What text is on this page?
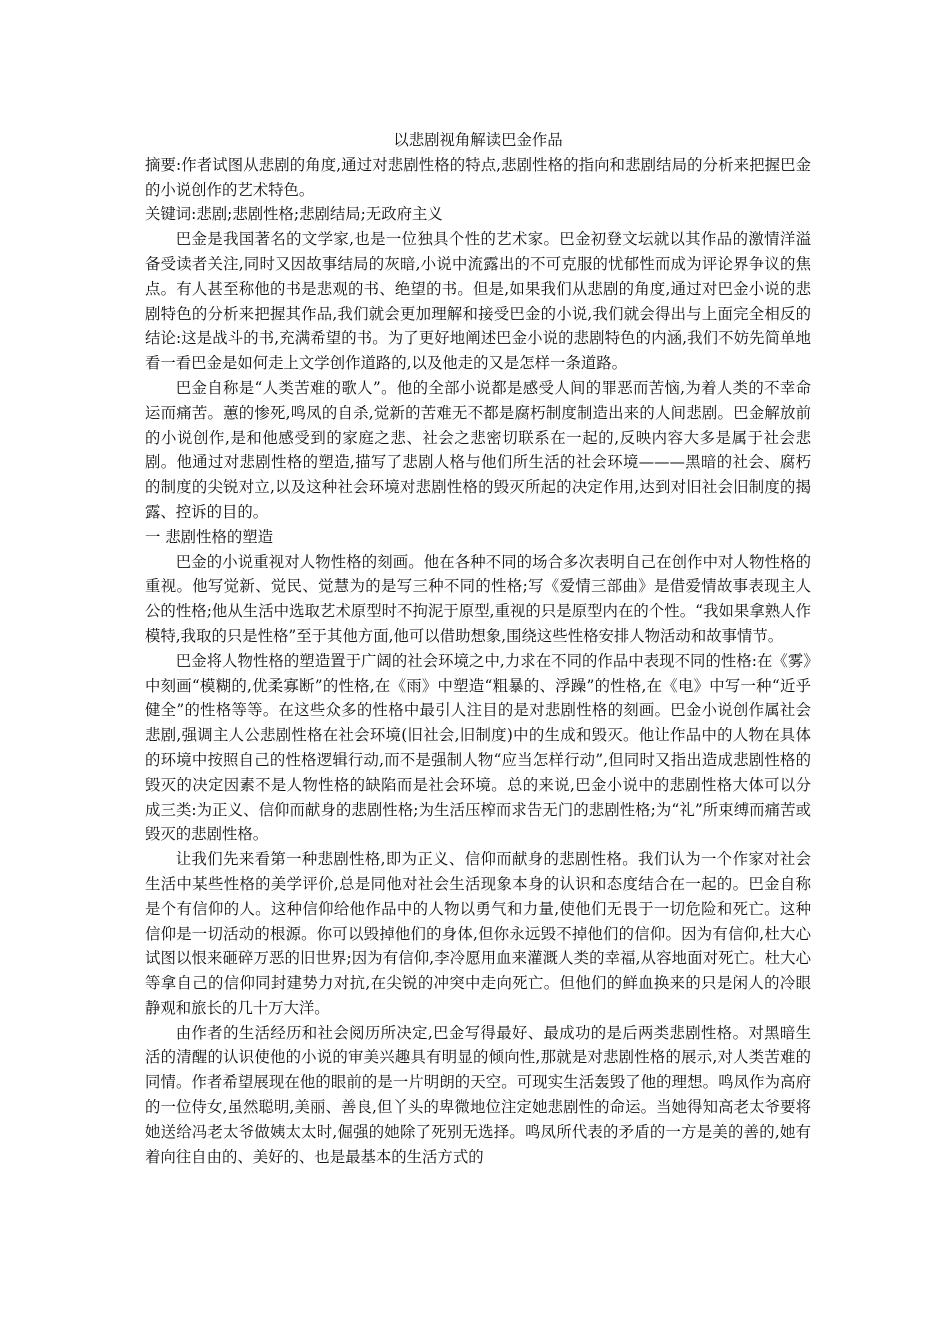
以悲剧视角解读巴金作品

摘要:作者试图从悲剧的角度,通过对悲剧性格的特点,悲剧性格的指向和悲剧结局的分析来把握巴金的小说创作的艺术特色。

关键词:悲剧;悲剧性格;悲剧结局;无政府主义

巴金是我国著名的文学家,也是一位独具个性的艺术家。巴金初登文坛就以其作品的激情洋溢备受读者关注,同时又因故事结局的灰暗,小说中流露出的不可克服的忧郁性而成为评论界争议的焦点。有人甚至称他的书是悲观的书、绝望的书。但是,如果我们从悲剧的角度,通过对巴金小说的悲剧特色的分析来把握其作品,我们就会更加理解和接受巴金的小说,我们就会得出与上面完全相反的结论:这是战斗的书,充满希望的书。为了更好地阐述巴金小说的悲剧特色的内涵,我们不妨先简单地看一看巴金是如何走上文学创作道路的,以及他走的又是怎样一条道路。

巴金自称是“人类苦难的歌人”。他的全部小说都是感受人间的罪恶而苦恼,为着人类的不幸命运而痛苦。蕙的惨死,鸣凤的自杀,觉新的苦难无不都是腐朽制度制造出来的人间悲剧。巴金解放前的小说创作,是和他感受到的家庭之悲、社会之悲密切联系在一起的,反映内容大多是属于社会悲剧。他通过对悲剧性格的塑造,描写了悲剧人格与他们所生活的社会环境———黑暗的社会、腐朽的制度的尖锐对立,以及这种社会环境对悲剧性格的毁灭所起的决定作用,达到对旧社会旧制度的揭露、控诉的目的。

一 悲剧性格的塑造

巴金的小说重视对人物性格的刻画。他在各种不同的场合多次表明自己在创作中对人物性格的重视。他写觉新、觉民、觉慧为的是写三种不同的性格;写《爱情三部曲》是借爱情故事表现主人公的性格;他从生活中选取艺术原型时不拘泥于原型,重视的只是原型内在的个性。“我如果拿熟人作模特,我取的只是性格”至于其他方面,他可以借助想象,围绕这些性格安排人物活动和故事情节。

巴金将人物性格的塑造置于广阔的社会环境之中,力求在不同的作品中表现不同的性格:在《雾》中刻画“模糊的,优柔寡断”的性格,在《雨》中塑造“粗暴的、浮躁”的性格,在《电》中写一种“近乎健全”的性格等等。在这些众多的性格中最引人注目的是对悲剧性格的刻画。巴金小说创作属社会悲剧,强调主人公悲剧性格在社会环境(旧社会,旧制度)中的生成和毁灭。他让作品中的人物在具体的环境中按照自己的性格逻辑行动,而不是强制人物“应当怎样行动”,但同时又指出造成悲剧性格的毁灭的决定因素不是人物性格的缺陷而是社会环境。总的来说,巴金小说中的悲剧性格大体可以分成三类:为正义、信仰而献身的悲剧性格;为生活压榨而求告无门的悲剧性格;为“礼”所束缚而痛苦或毁灭的悲剧性格。

让我们先来看第一种悲剧性格,即为正义、信仰而献身的悲剧性格。我们认为一个作家对社会生活中某些性格的美学评价,总是同他对社会生活现象本身的认识和态度结合在一起的。巴金自称是个有信仰的人。这种信仰给他作品中的人物以勇气和力量,使他们无畏于一切危险和死亡。这种信仰是一切活动的根源。你可以毁掉他们的身体,但你永远毁不掉他们的信仰。因为有信仰,杜大心试图以恨来砸碎万恶的旧世界;因为有信仰,李冷愿用血来灌溉人类的幸福,从容地面对死亡。杜大心等拿自己的信仰同封建势力对抗,在尖锐的冲突中走向死亡。但他们的鲜血换来的只是闲人的冷眼静观和旅长的几十万大洋。

由作者的生活经历和社会阅历所决定,巴金写得最好、最成功的是后两类悲剧性格。对黑暗生活的清醒的认识使他的小说的审美兴趣具有明显的倾向性,那就是对悲剧性格的展示,对人类苦难的同情。作者希望展现在他的眼前的是一片明朗的天空。可现实生活轰毁了他的理想。鸣凤作为高府的一位侍女,虽然聪明,美丽、善良,但丫头的卑微地位注定她悲剧性的命运。当她得知高老太爷要将她送给冯老太爷做姨太太时,倔强的她除了死别无选择。鸣凤所代表的矛盾的一方是美的善的,她有着向往自由的、美好的、也是最基本的生活方式的
